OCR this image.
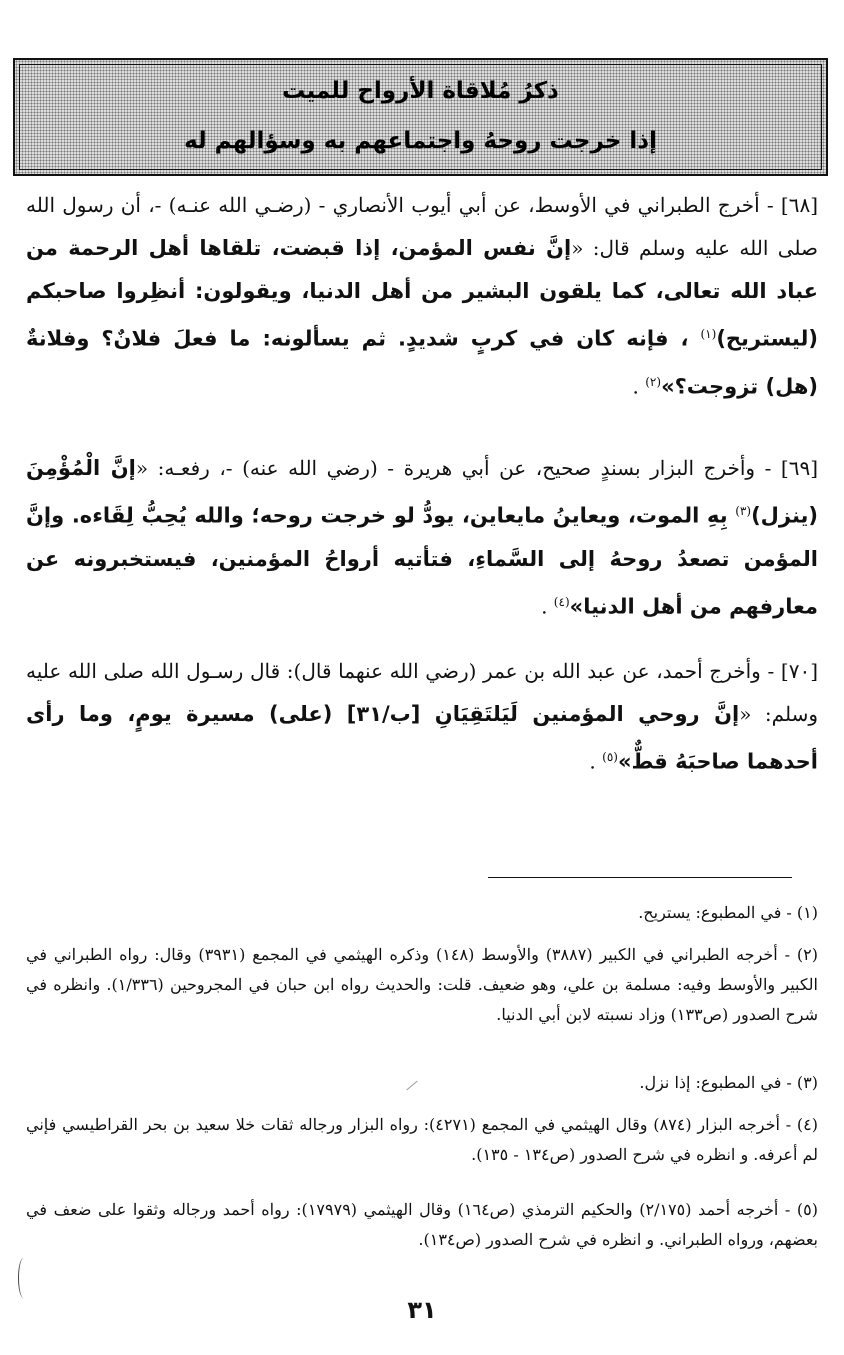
ذكرُ مُلاقاة الأرواح للميت
إذا خرجت روحهُ واجتماعهم به وسؤالهم له
[٦٨] - أخرج الطبراني في الأوسط، عن أبي أيوب الأنصاري - (رضـي الله عنـه) -، أن رسول الله صلى الله عليه وسلم قال: «إنَّ نفس المؤمن، إذا قبضت، تلقاها أهل الرحمة من عباد الله تعالى، كما يلقون البشير من أهل الدنيا، ويقولون: أنظِروا صاحبكم (ليستريح)$^{(١)}$ ، فإنه كان في كربٍ شديدٍ. ثم يسألونه: ما فعلَ فلانٌ؟ وفلانةٌ (هل) تزوجت؟»$^{(٢)}$ .
[٦٩] - وأخرج البزار بسندٍ صحيح، عن أبي هريرة - (رضي الله عنه) -، رفعـه: «إنَّ الْمُؤْمِنَ (ينزل)$^{(٣)}$ بِهِ الموت، ويعاينُ مايعاين، يودُّ لو خرجت روحه؛ والله يُحِبُّ لِقَاءه. وإنَّ المؤمن تصعدُ روحهُ إلى السَّماءِ، فتأتيه أرواحُ المؤمنين، فيستخبرونه عن معارفهم من أهل الدنيا»$^{(٤)}$ .
[٧٠] - وأخرج أحمد، عن عبد الله بن عمر (رضي الله عنهما قال): قال رسـول الله صلى الله عليه وسلم: «إنَّ روحي المؤمنين لَيَلتَقِيَانِ [ب/٣١] (على) مسيرة يومٍ، وما رأى أحدهما صاحبَهُ قطٌّ»$^{(٥)}$ .
(١) - في المطبوع: يستريح.
(٢) - أخرجه الطبراني في الكبير (٣٨٨٧) والأوسط (١٤٨) وذكره الهيثمي في المجمع (٣٩٣١) وقال: رواه الطبراني في الكبير والأوسط وفيه: مسلمة بن علي، وهو ضعيف. قلت: والحديث رواه ابن حبان في المجروحين (١/٣٣٦). وانظره في شرح الصدور (ص١٣٣) وزاد نسبته لابن أبي الدنيا.
(٣) - في المطبوع: إذا نزل.
(٤) - أخرجه البزار (٨٧٤) وقال الهيثمي في المجمع (٤٢٧١): رواه البزار ورجاله ثقات خلا سعيد بن بحر القراطيسي فإني لم أعرفه. و انظره في شرح الصدور (ص١٣٤ - ١٣٥).
(٥) - أخرجه أحمد (٢/١٧٥) والحكيم الترمذي (ص١٦٤) وقال الهيثمي (١٧٩٧٩): رواه أحمد ورجاله وثقوا على ضعف في بعضهم، ورواه الطبراني. و انظره في شرح الصدور (ص١٣٤).
٣١
